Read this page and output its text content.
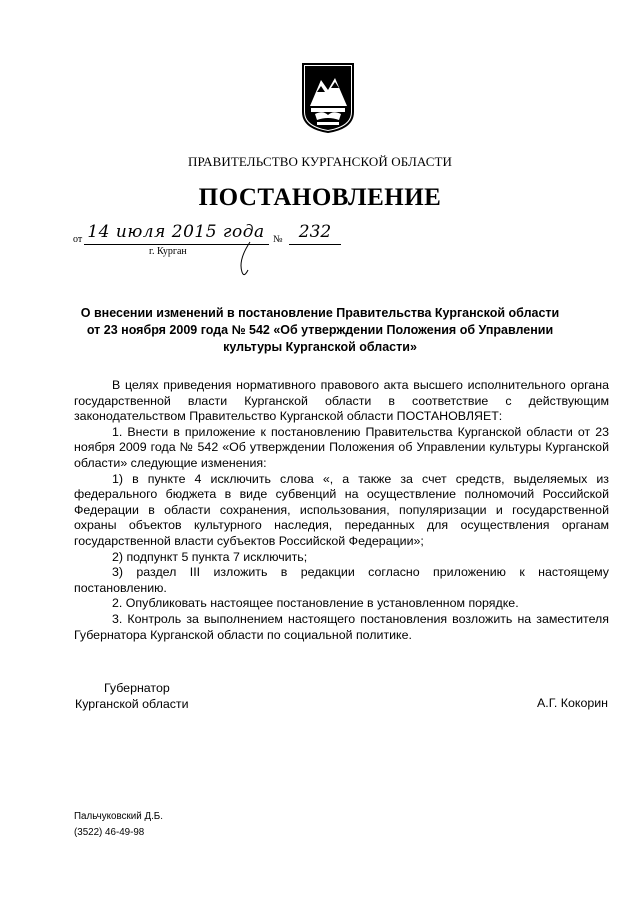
ПРАВИТЕЛЬСТВО КУРГАНСКОЙ ОБЛАСТИ
ПОСТАНОВЛЕНИЕ
от 14 июля 2015 года № 232
г. Курган
О внесении изменений в постановление Правительства Курганской области
от 23 ноября 2009 года № 542 «Об утверждении Положения об Управлении
культуры Курганской области»

В целях приведения нормативного правового акта высшего исполнительного органа государственной власти Курганской области в соответствие с действующим законодательством Правительство Курганской области ПОСТАНОВЛЯЕТ:

1. Внести в приложение к постановлению Правительства Курганской области от 23 ноября 2009 года № 542 «Об утверждении Положения об Управлении культуры Курганской области» следующие изменения:

1) в пункте 4 исключить слова «, а также за счет средств, выделяемых из федерального бюджета в виде субвенций на осуществление полномочий Российской Федерации в области сохранения, использования, популяризации и государственной охраны объектов культурного наследия, переданных для осуществления органам государственной власти субъектов Российской Федерации»;

2) подпункт 5 пункта 7 исключить;

3) раздел III изложить в редакции согласно приложению к настоящему постановлению.

2. Опубликовать настоящее постановление в установленном порядке.

3. Контроль за выполнением настоящего постановления возложить на заместителя Губернатора Курганской области по социальной политике.

Губернатор
Курганской области	А.Г. Кокорин
Пальчуковский Д.Б.
(3522) 46-49-98
